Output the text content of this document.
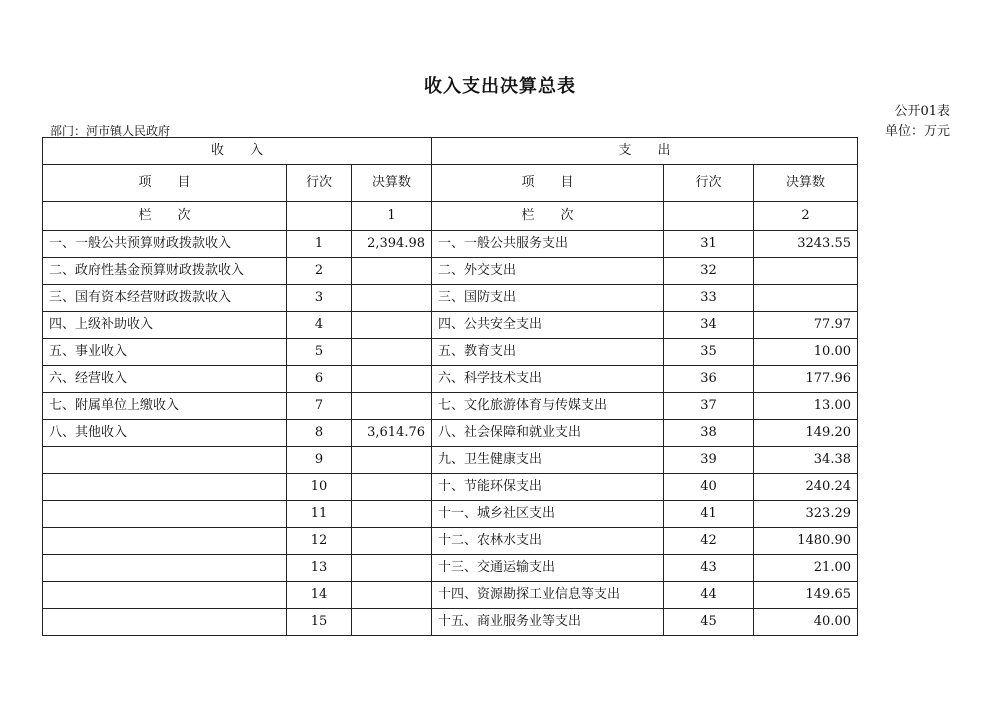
收入支出决算总表
公开01表
单位：万元
部门：河市镇人民政府
收　　入			支　　出		
项　　目	行次	决算数	项　　目	行次	决算数
栏　　次		1	栏　　次		2
一、一般公共预算财政拨款收入	1	2,394.98	一、一般公共服务支出	31	3243.55
二、政府性基金预算财政拨款收入	2		二、外交支出	32	
三、国有资本经营财政拨款收入	3		三、国防支出	33	
四、上级补助收入	4		四、公共安全支出	34	77.97
五、事业收入	5		五、教育支出	35	10.00
六、经营收入	6		六、科学技术支出	36	177.96
七、附属单位上缴收入	7		七、文化旅游体育与传媒支出	37	13.00
八、其他收入	8	3,614.76	八、社会保障和就业支出	38	149.20
	9		九、卫生健康支出	39	34.38
	10		十、节能环保支出	40	240.24
	11		十一、城乡社区支出	41	323.29
	12		十二、农林水支出	42	1480.90
	13		十三、交通运输支出	43	21.00
	14		十四、资源勘探工业信息等支出	44	149.65
	15		十五、商业服务业等支出	45	40.00
